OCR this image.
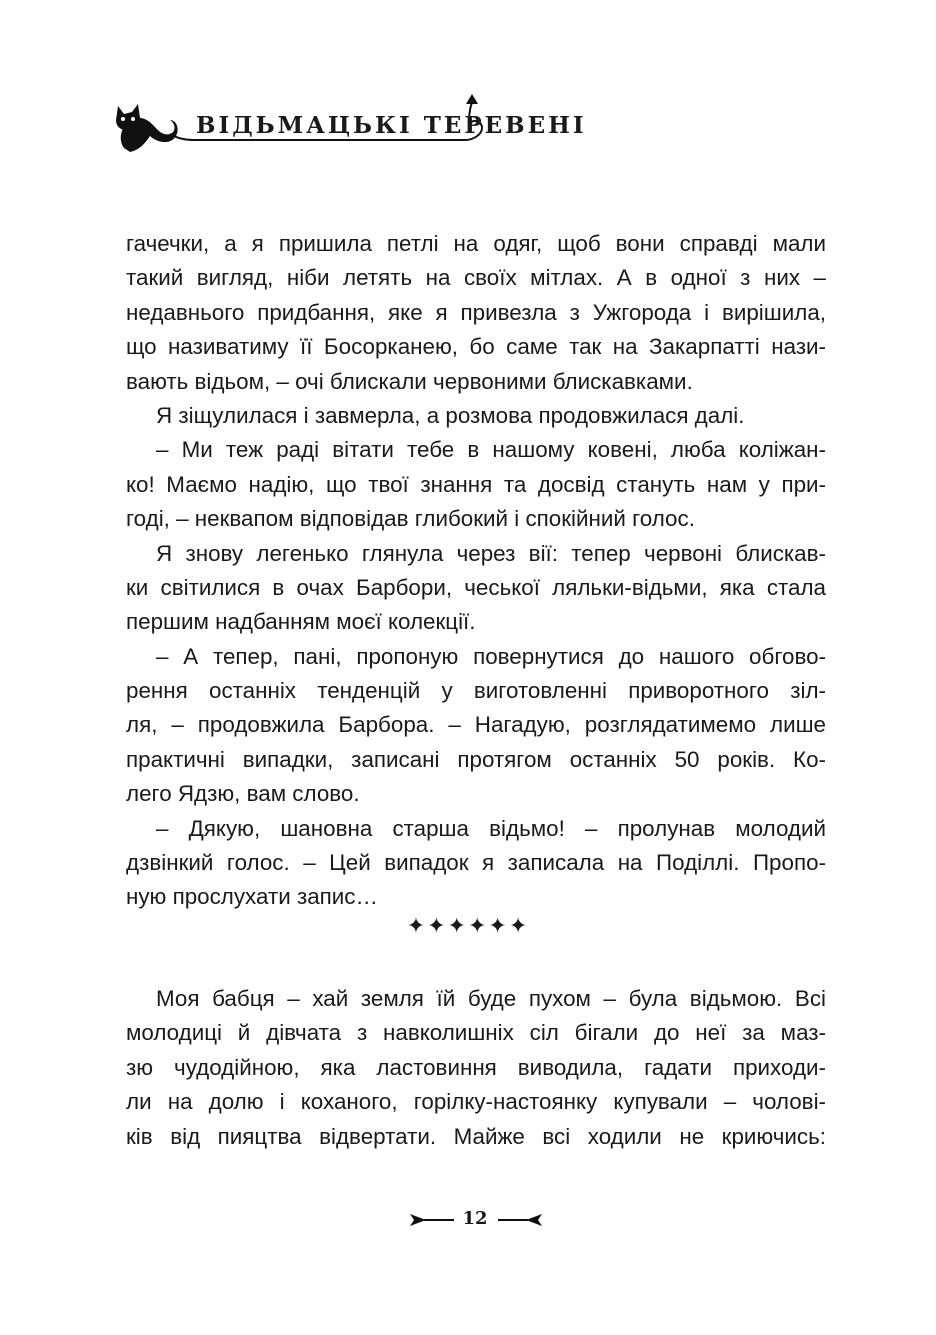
ВІДЬМАЦЬКІ ТЕРЕВЕНІ
гачечки, а я пришила петлі на одяг, щоб вони справді мали
такий вигляд, ніби летять на своїх мітлах. А в одної з них –
недавнього придбання, яке я привезла з Ужгорода і вирішила,
що називатиму її Босорканею, бо саме так на Закарпатті нази-
вають відьом, – очі блискали червоними блискавками.
Я зіщулилася і завмерла, а розмова продовжилася далі.
– Ми теж раді вітати тебе в нашому ковені, люба коліжан-
ко! Маємо надію, що твої знання та досвід стануть нам у при-
годі, – неквапом відповідав глибокий і спокійний голос.
Я знову легенько глянула через вії: тепер червоні блискав-
ки світилися в очах Барбори, чеської ляльки-відьми, яка стала
першим надбанням моєї колекції.
– А тепер, пані, пропоную повернутися до нашого обгово-
рення останніх тенденцій у виготовленні приворотного зіл-
ля, – продовжила Барбора. – Нагадую, розглядатимемо лише
практичні випадки, записані протягом останніх 50 років. Ко-
лего Ядзю, вам слово.
– Дякую, шановна старша відьмо! – пролунав молодий
дзвінкий голос. – Цей випадок я записала на Поділлі. Пропо-
ную прослухати запис…
✦✦✦✦✦✦
Моя бабця – хай земля їй буде пухом – була відьмою. Всі
молодиці й дівчата з навколишніх сіл бігали до неї за маз-
зю чудодійною, яка ластовиння виводила, гадати приходи-
ли на долю і коханого, горілку-настоянку купували – чолові-
ків від пияцтва відвертати. Майже всі ходили не криючись:
12
